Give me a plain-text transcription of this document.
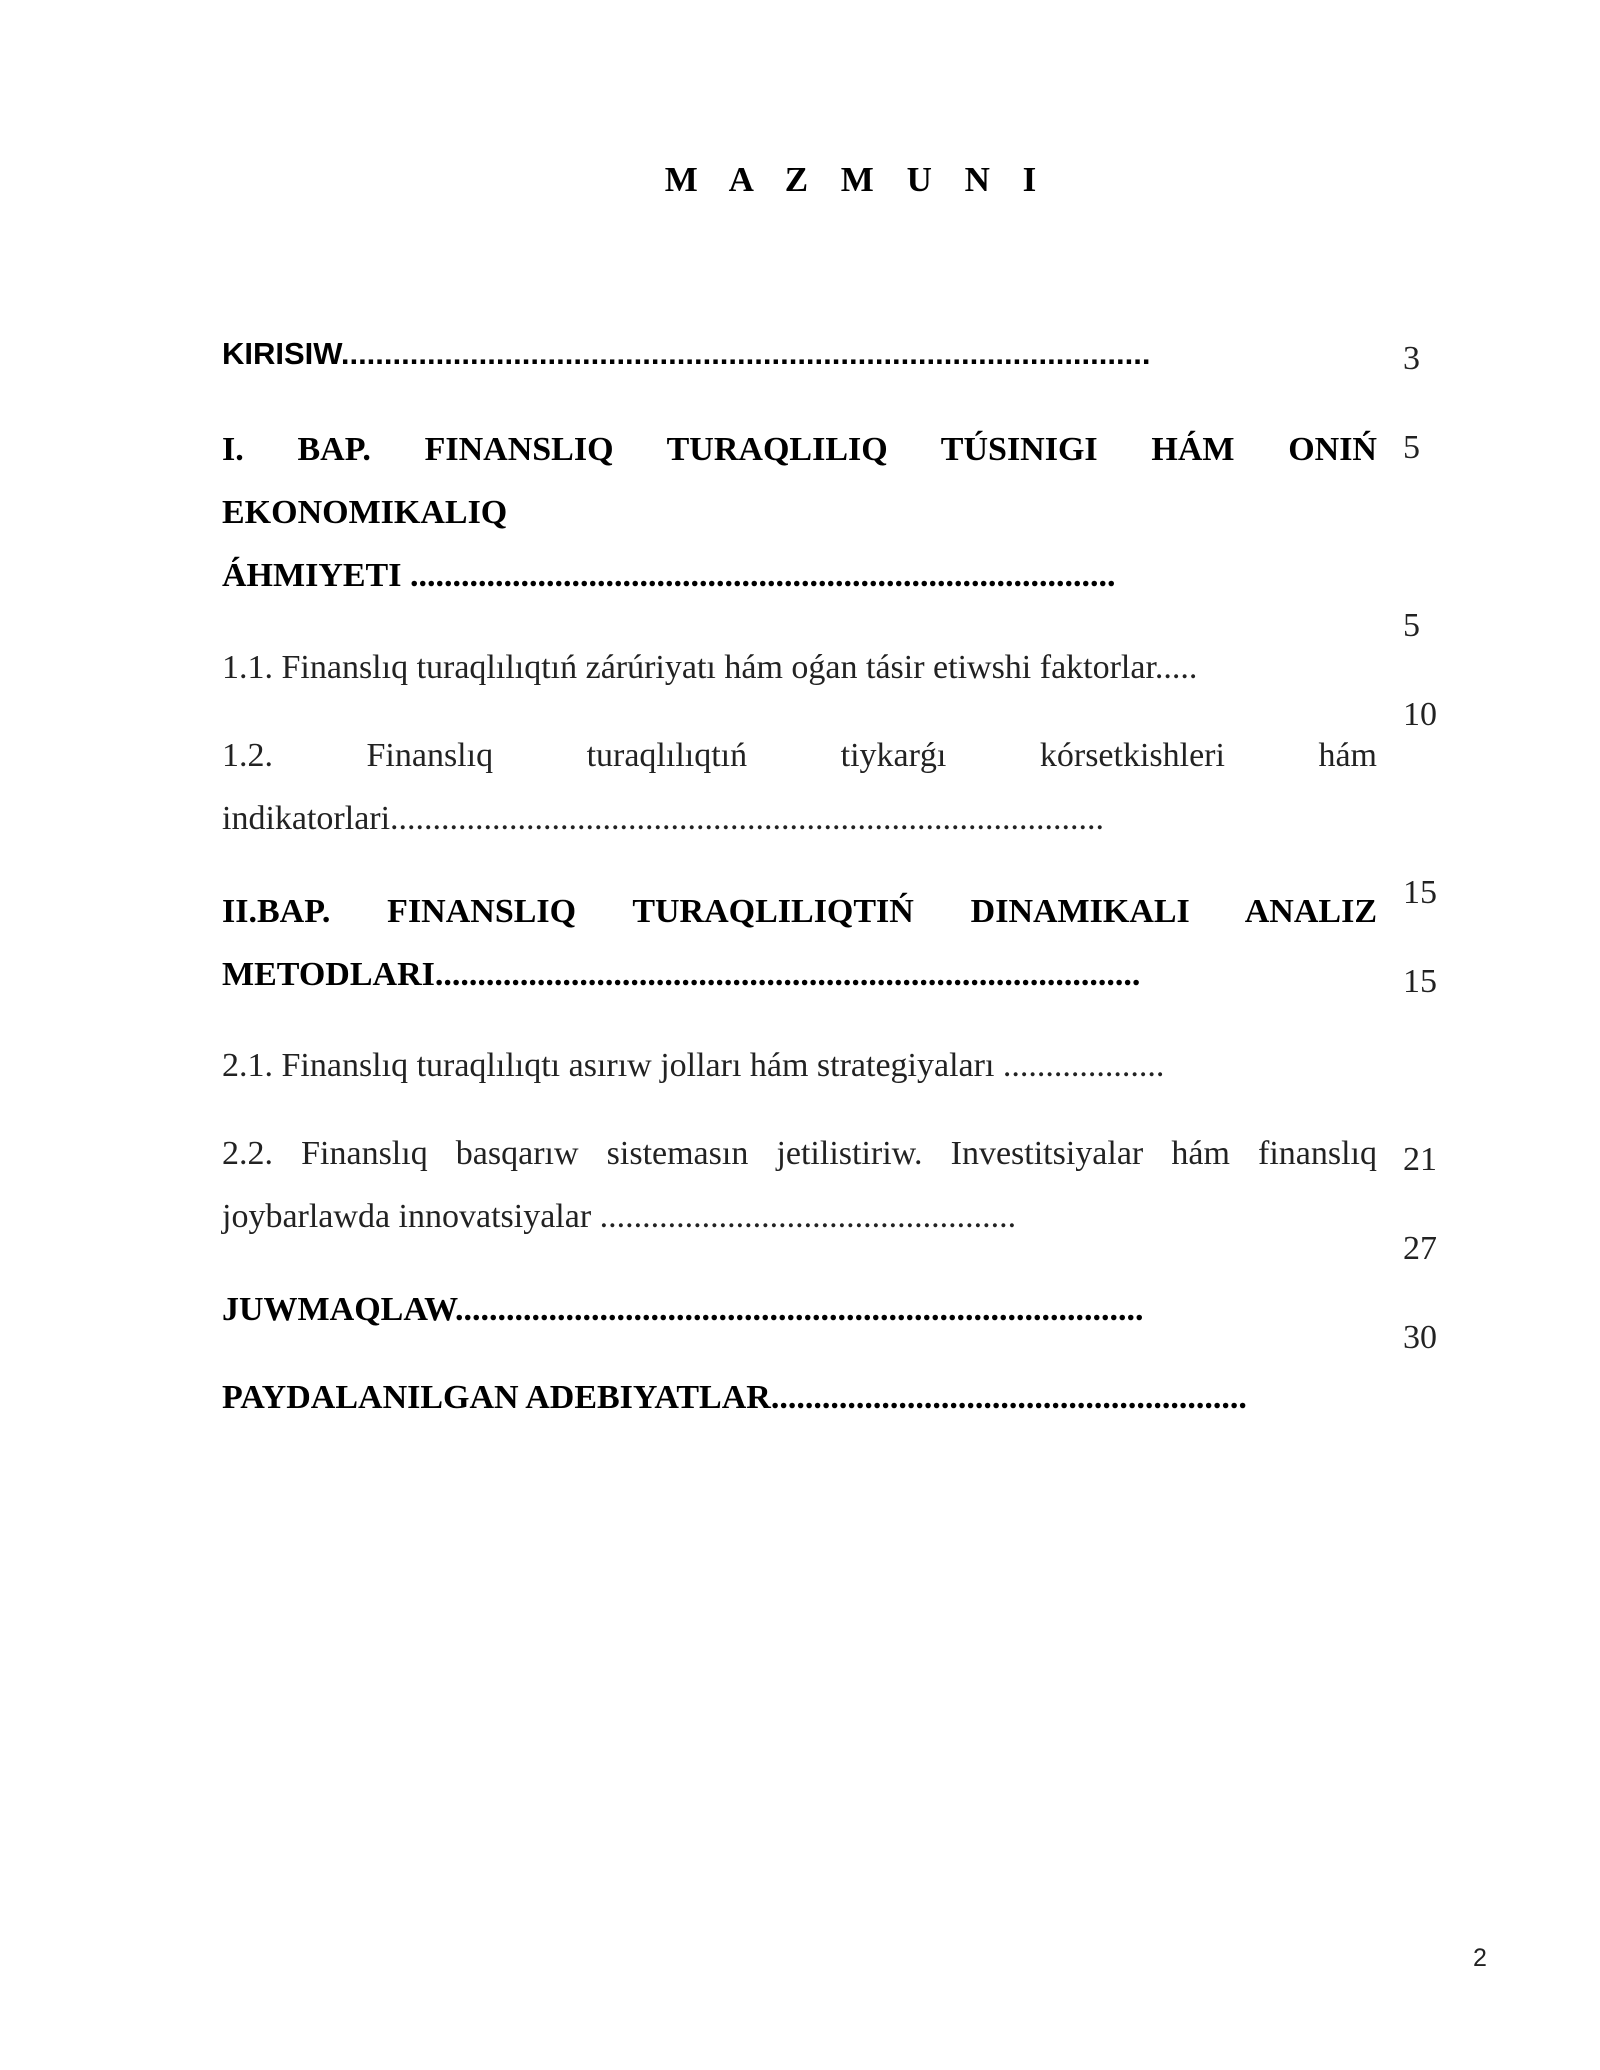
M A Z M U N I
KIRISIW..............................................................................................
I. BAP. FINANSLIQ TURAQLILIQ TÚSINIGI HÁM ONIŃ
EKONOMIKALIQ
ÁHMIYETI ...................................................................................
1.1. Finanslıq turaqlılıqtıń zárúriyatı hám oǵan tásir etiwshi faktorlar.....
1.2. Finanslıq turaqlılıqtıń tiykarǵı kórsetkishleri hám
indikatorlari....................................................................................
II.BAP. FINANSLIQ TURAQLILIQTIŃ DINAMIKALI ANALIZ
METODLARI...................................................................................
2.1. Finanslıq turaqlılıqtı asırıw jolları hám strategiyaları ...................
2.2. Finanslıq basqarıw sistemasın jetilistiriw. Investitsiyalar hám finanslıq
joybarlawda innovatsiyalar .................................................
JUWMAQLAW.................................................................................
PAYDALANILGAN ADEBIYATLAR........................................................
3
5
5
10
15
15
21
27
30
2
